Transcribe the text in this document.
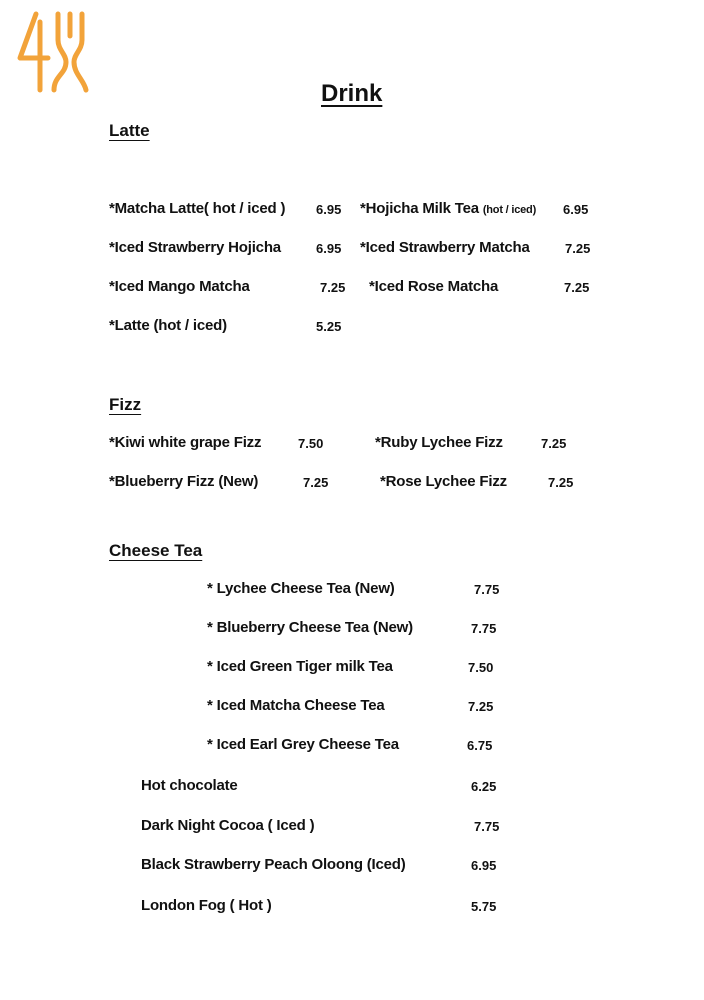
Drink
Latte
*Matcha Latte( hot / iced ) 6.95 *Hojicha Milk Tea (hot / iced) 6.95
*Iced Strawberry Hojicha	6.95 *Iced Strawberry Matcha	7.25
*Iced Mango Matcha	7.25 *Iced Rose Matcha	7.25
*Latte (hot / iced)	5.25
Fizz
*Kiwi white grape Fizz	7.50	*Ruby Lychee Fizz	7.25
*Blueberry Fizz (New)	7.25	*Rose Lychee Fizz	7.25
Cheese Tea
* Lychee Cheese Tea (New)	7.75
* Blueberry Cheese Tea (New)	7.75
* Iced Green Tiger milk Tea	7.50
* Iced Matcha Cheese Tea	7.25
* Iced Earl Grey Cheese Tea	6.75
Hot chocolate	6.25
Dark Night Cocoa ( Iced )	7.75
Black Strawberry Peach Oloong (Iced)	6.95
London Fog ( Hot )	5.75
